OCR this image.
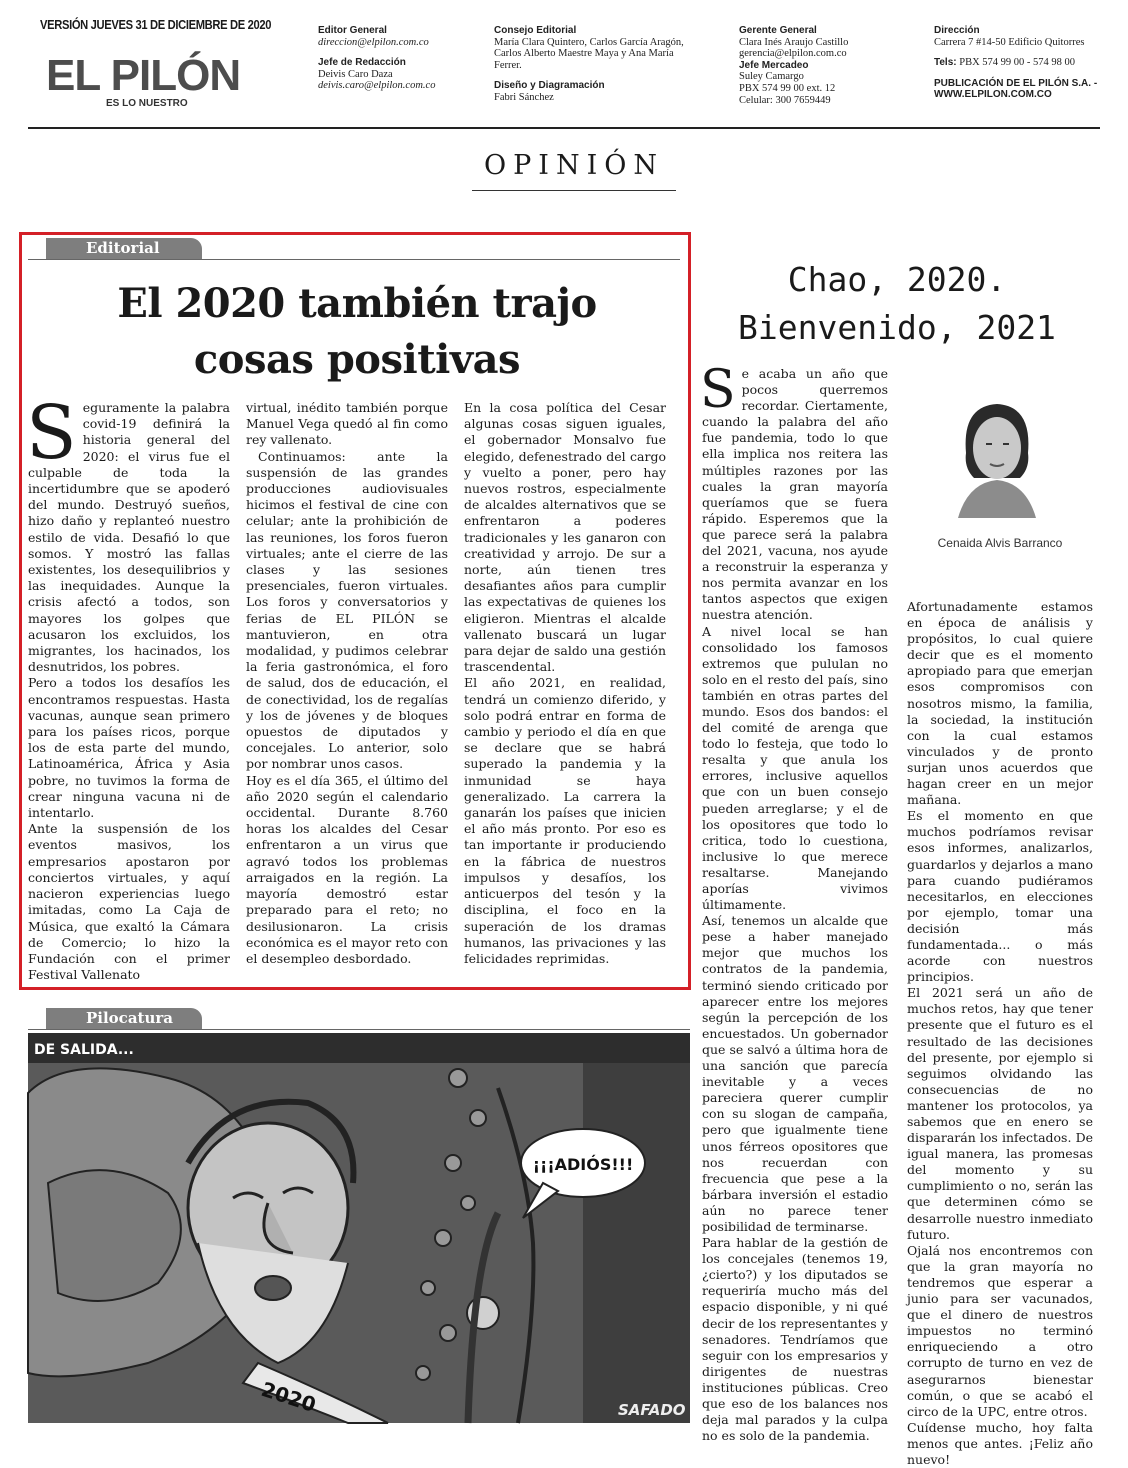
VERSIÓN JUEVES 31 DE DICIEMBRE DE 2020
EL PILÓN
ES LO NUESTRO
Editor General
direccion@elpilon.com.co
Jefe de Redacción
Deivis Caro Daza
deivis.caro@elpilon.com.co
Consejo Editorial
María Clara Quintero, Carlos García Aragón,
Carlos Alberto Maestre Maya y Ana María
Ferrer.
Diseño y Diagramación
Fabri Sánchez
Gerente General
Clara Inés Araujo Castillo
gerencia@elpilon.com.co
Jefe Mercadeo
Suley Camargo
PBX 574 99 00 ext. 12
Celular: 300 7659449
Dirección
Carrera 7 #14-50 Edificio Quitorres
Tels: PBX 574 99 00 - 574 98 00
PUBLICACIÓN DE EL PILÓN S.A. -
WWW.ELPILON.COM.CO
OPINIÓN
Editorial
El 2020 también trajo
cosas positivas

Seguramente la palabra covid-19 definirá la historia general del 2020: el virus fue el culpable de toda la incertidumbre que se apoderó del mundo. Destruyó sueños, hizo daño y replanteó nuestro estilo de vida. Desafió lo que somos. Y mostró las fallas existentes, los desequilibrios y las inequidades. Aunque la crisis afectó a todos, son mayores los golpes que acusaron los excluidos, los migrantes, los hacinados, los desnutridos, los pobres.

Pero a todos los desafíos les encontramos respuestas. Hasta vacunas, aunque sean primero para los países ricos, porque los de esta parte del mundo, Latinoamérica, África y Asia pobre, no tuvimos la forma de crear ninguna vacuna ni de intentarlo.

Ante la suspensión de los eventos masivos, los empresarios apostaron por conciertos virtuales, y aquí nacieron experiencias luego imitadas, como La Caja de Música, que exaltó la Cámara de Comercio; lo hizo la Fundación con el primer Festival Vallenato

virtual, inédito también porque Manuel Vega quedó al fin como rey vallenato.

Continuamos: ante la suspensión de las grandes producciones audiovisuales hicimos el festival de cine con celular; ante la prohibición de las reuniones, los foros fueron virtuales; ante el cierre de las clases y las sesiones presenciales, fueron virtuales. Los foros y conversatorios y ferias de EL PILÓN se mantuvieron, en otra modalidad, y pudimos celebrar la feria gastronómica, el foro de salud, dos de educación, el de conectividad, los de regalías y los de jóvenes y de bloques opuestos de diputados y concejales. Lo anterior, solo por nombrar unos casos.

Hoy es el día 365, el último del año 2020 según el calendario occidental. Durante 8.760 horas los alcaldes del Cesar enfrentaron a un virus que agravó todos los problemas arraigados en la región. La mayoría demostró estar preparado para el reto; no desilusionaron. La crisis económica es el mayor reto con el desempleo desbordado.

En la cosa política del Cesar algunas cosas siguen iguales, el gobernador Monsalvo fue elegido, defenestrado del cargo y vuelto a poner, pero hay nuevos rostros, especialmente de alcaldes alternativos que se enfrentaron a poderes tradicionales y les ganaron con creatividad y arrojo. De sur a norte, aún tienen tres desafiantes años para cumplir las expectativas de quienes los eligieron. Mientras el alcalde vallenato buscará un lugar para dejar de saldo una gestión trascendental.

El año 2021, en realidad, tendrá un comienzo diferido, y solo podrá entrar en forma de cambio y periodo el día en que se declare que se habrá superado la pandemia y la inmunidad se haya generalizado. La carrera la ganarán los países que inicien el año más pronto. Por eso es tan importante ir produciendo en la fábrica de nuestros impulsos y desafíos, los anticuerpos del tesón y la disciplina, el foco en la superación de los dramas humanos, las privaciones y las felicidades reprimidas.

Pilocatura
DE SALIDA...
2020
¡¡¡ADIÓS!!!
SAFADO
Chao, 2020.
Bienvenido, 2021
Cenaida Alvis Barranco

Se acaba un año que pocos querremos recordar. Ciertamente, cuando la palabra del año fue pandemia, todo lo que ella implica nos reitera las múltiples razones por las cuales la gran mayoría queríamos que se fuera rápido. Esperemos que la que parece será la palabra del 2021, vacuna, nos ayude a reconstruir la esperanza y nos permita avanzar en los tantos aspectos que exigen nuestra atención.

A nivel local se han consolidado los famosos extremos que pululan no solo en el resto del país, sino también en otras partes del mundo. Esos dos bandos: el del comité de arenga que todo lo festeja, que todo lo resalta y que anula los errores, inclusive aquellos que con un buen consejo pueden arreglarse; y el de los opositores que todo lo critica, todo lo cuestiona, inclusive lo que merece resaltarse. Manejando aporías vivimos últimamente.

Así, tenemos un alcalde que pese a haber manejado mejor que muchos los contratos de la pandemia, terminó siendo criticado por aparecer entre los mejores según la percepción de los encuestados. Un gobernador que se salvó a última hora de una sanción que parecía inevitable y a veces pareciera querer cumplir con su slogan de campaña, pero que igualmente tiene unos férreos opositores que nos recuerdan con frecuencia que pese a la bárbara inversión el estadio aún no parece tener posibilidad de terminarse.

Para hablar de la gestión de los concejales (tenemos 19, ¿cierto?) y los diputados se requeriría mucho más del espacio disponible, y ni qué decir de los representantes y senadores. Tendríamos que seguir con los empresarios y dirigentes de nuestras instituciones públicas. Creo que eso de los balances nos deja mal parados y la culpa no es solo de la pandemia.

Afortunadamente estamos en época de análisis y propósitos, lo cual quiere decir que es el momento apropiado para que emerjan esos compromisos con nosotros mismo, la familia, la sociedad, la institución con la cual estamos vinculados y de pronto surjan unos acuerdos que hagan creer en un mejor mañana.

Es el momento en que muchos podríamos revisar esos informes, analizarlos, guardarlos y dejarlos a mano para cuando pudiéramos necesitarlos, en elecciones por ejemplo, tomar una decisión más fundamentada... o más acorde con nuestros principios.

El 2021 será un año de muchos retos, hay que tener presente que el futuro es el resultado de las decisiones del presente, por ejemplo si seguimos olvidando las consecuencias de no mantener los protocolos, ya sabemos que en enero se dispararán los infectados. De igual manera, las promesas del momento y su cumplimiento o no, serán las que determinen cómo se desarrolle nuestro inmediato futuro.

Ojalá nos encontremos con que la gran mayoría no tendremos que esperar a junio para ser vacunados, que el dinero de nuestros impuestos no terminó enriqueciendo a otro corrupto de turno en vez de asegurarnos bienestar común, o que se acabó el circo de la UPC, entre otros.

Cuídense mucho, hoy falta menos que antes. ¡Feliz año nuevo!
